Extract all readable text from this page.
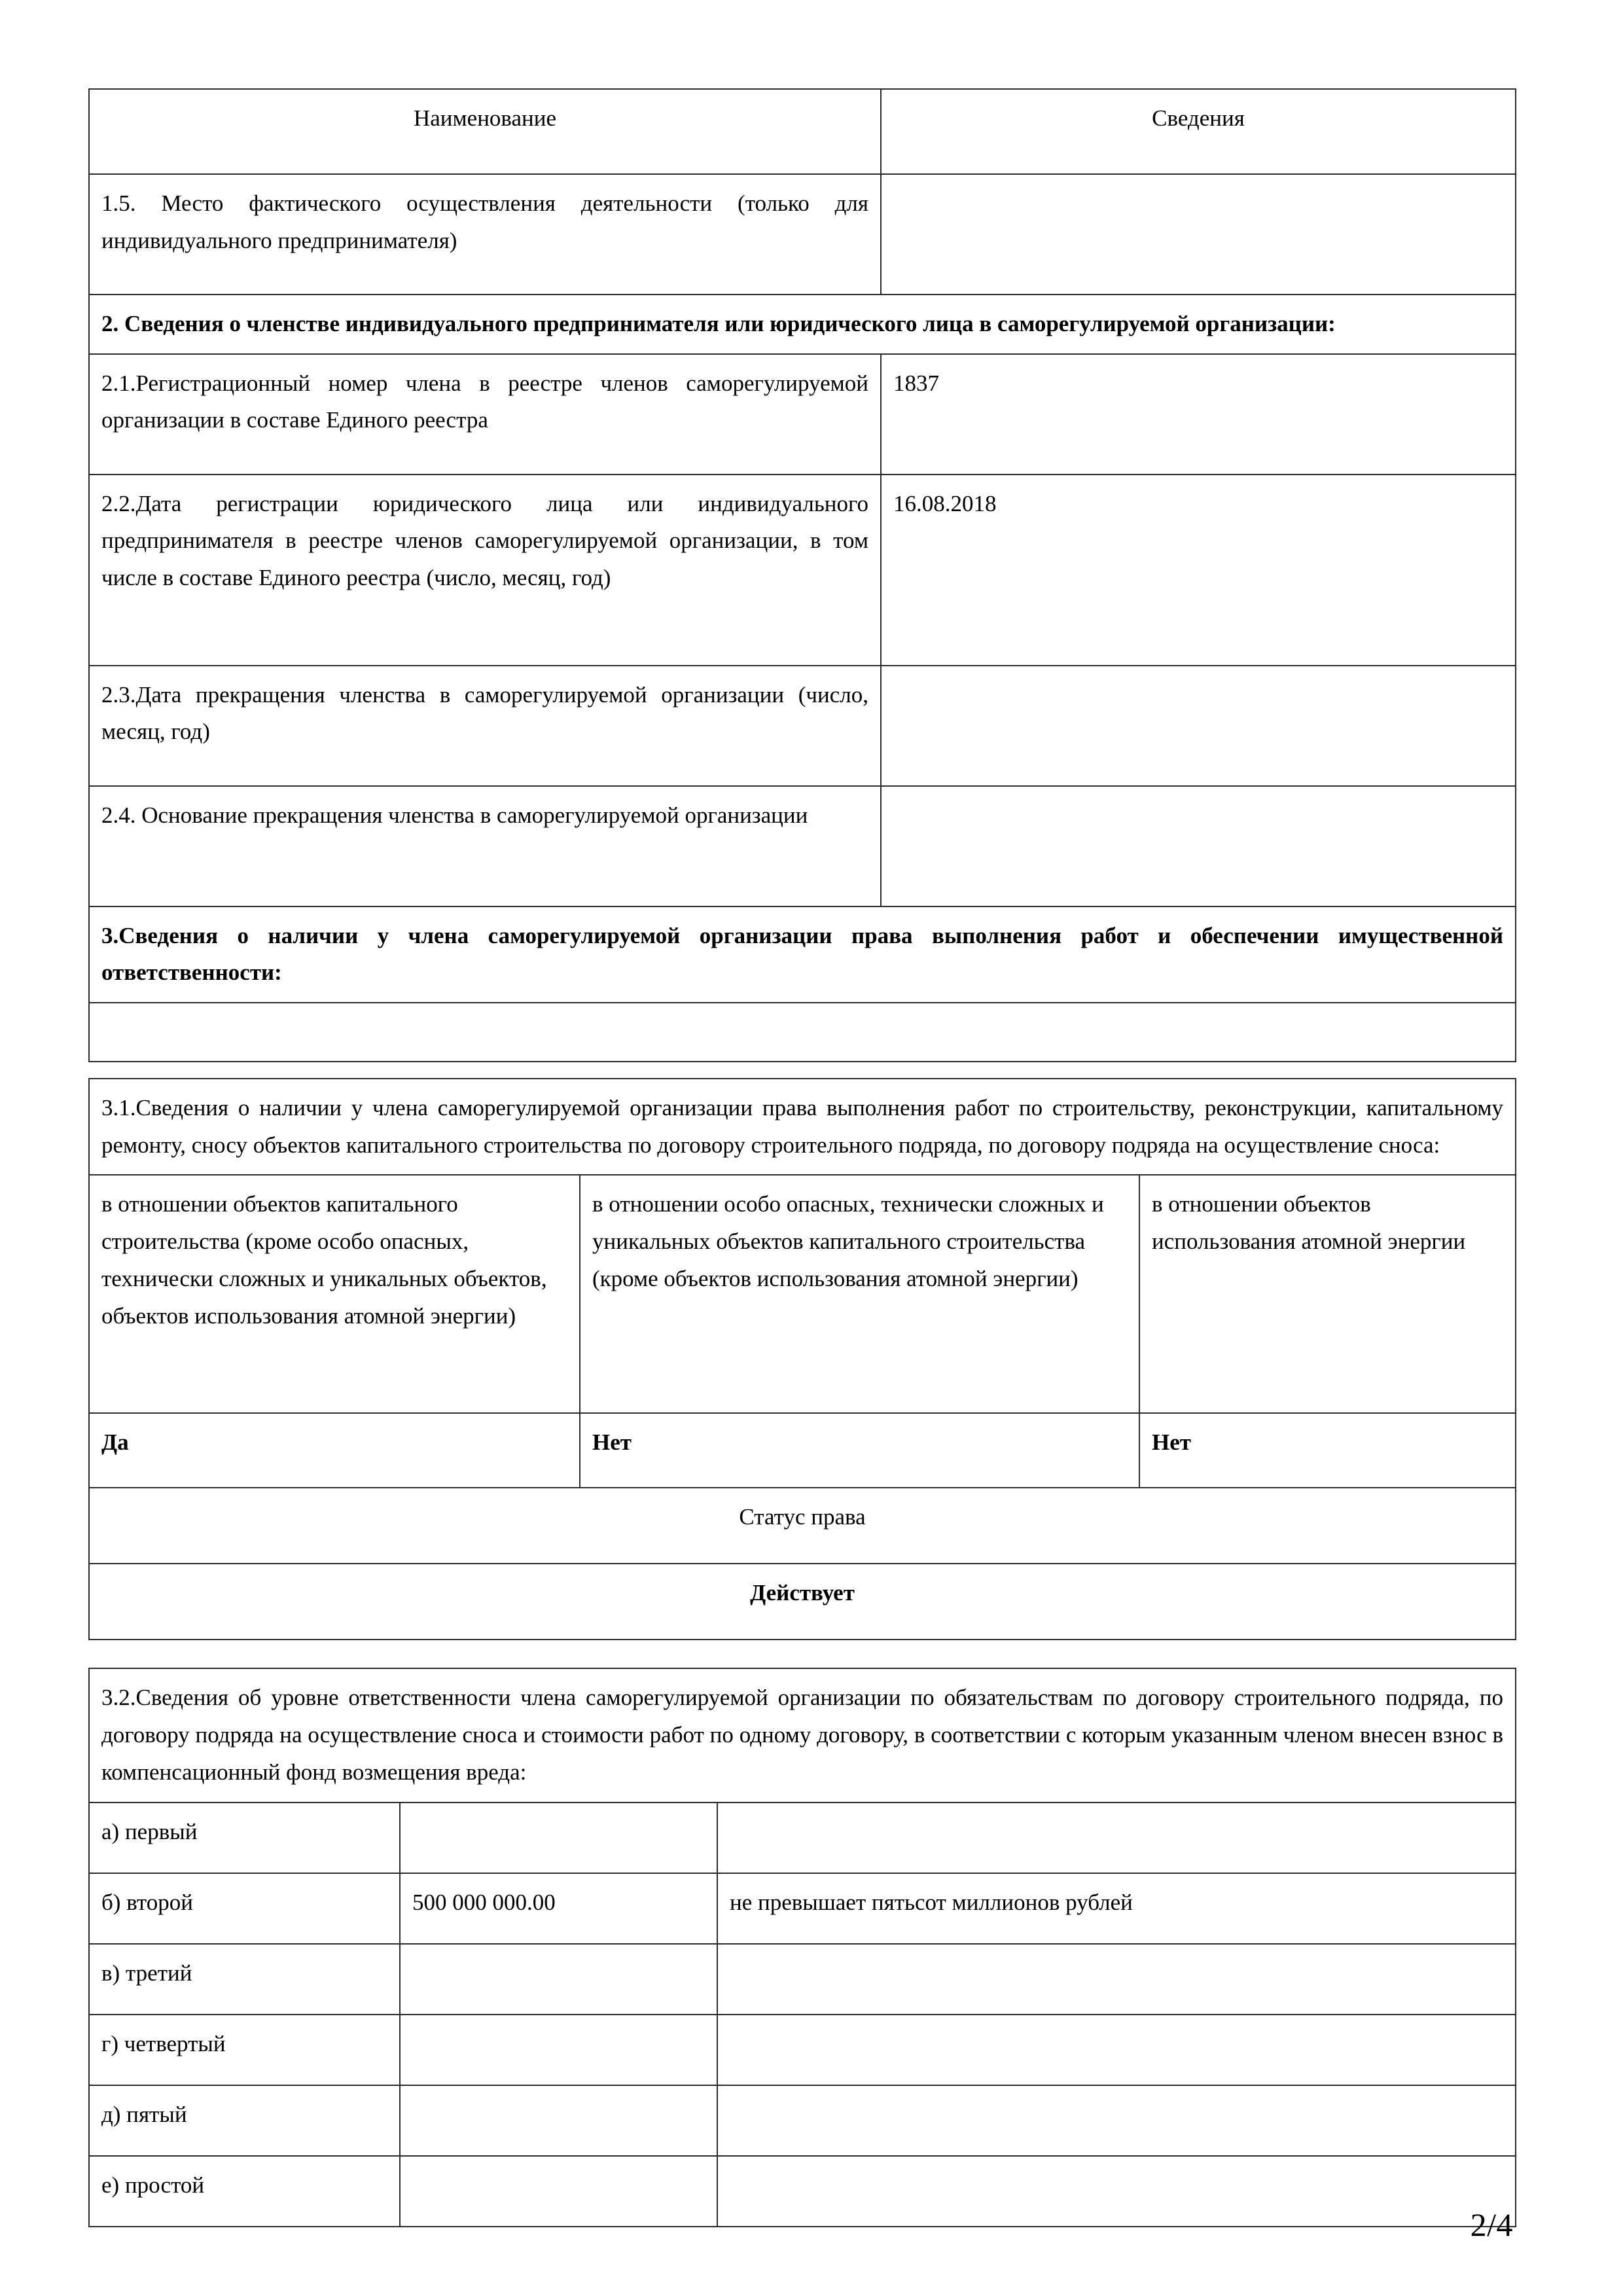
Наименование	Сведения
1.5. Место фактического осуществления деятельности (только для индивидуального предпринимателя)	
2. Сведения о членстве индивидуального предпринимателя или юридического лица в саморегулируемой организации:	
2.1.Регистрационный номер члена в реестре членов саморегулируемой организации в составе Единого реестра	1837
2.2.Дата регистрации юридического лица или индивидуального предпринимателя в реестре членов саморегулируемой организации, в том числе в составе Единого реестра (число, месяц, год)	16.08.2018
2.3.Дата прекращения членства в саморегулируемой организации (число, месяц, год)	
2.4. Основание прекращения членства в саморегулируемой организации	
3.Сведения о наличии у члена саморегулируемой организации права выполнения работ и обеспечении имущественной ответственности:	

3.1.Сведения о наличии у члена саморегулируемой организации права выполнения работ по строительству, реконструкции, капитальному ремонту, сносу объектов капитального строительства по договору строительного подряда, по договору подряда на осуществление сноса:		
в отношении объектов капитального строительства (кроме особо опасных, технически сложных и уникальных объектов, объектов использования атомной энергии)	в отношении особо опасных, технически сложных и уникальных объектов капитального строительства (кроме объектов использования атомной энергии)	в отношении объектов использования атомной энергии
Да	Нет	Нет
Статус права		
Действует		
3.2.Сведения об уровне ответственности члена саморегулируемой организации по обязательствам по договору строительного подряда, по договору подряда на осуществление сноса и стоимости работ по одному договору, в соответствии с которым указанным членом внесен взнос в компенсационный фонд возмещения вреда:		
а) первый		
б) второй	500 000 000.00	не превышает пятьсот миллионов рублей
в) третий		
г) четвертый		
д) пятый		
е) простой		
2/4
